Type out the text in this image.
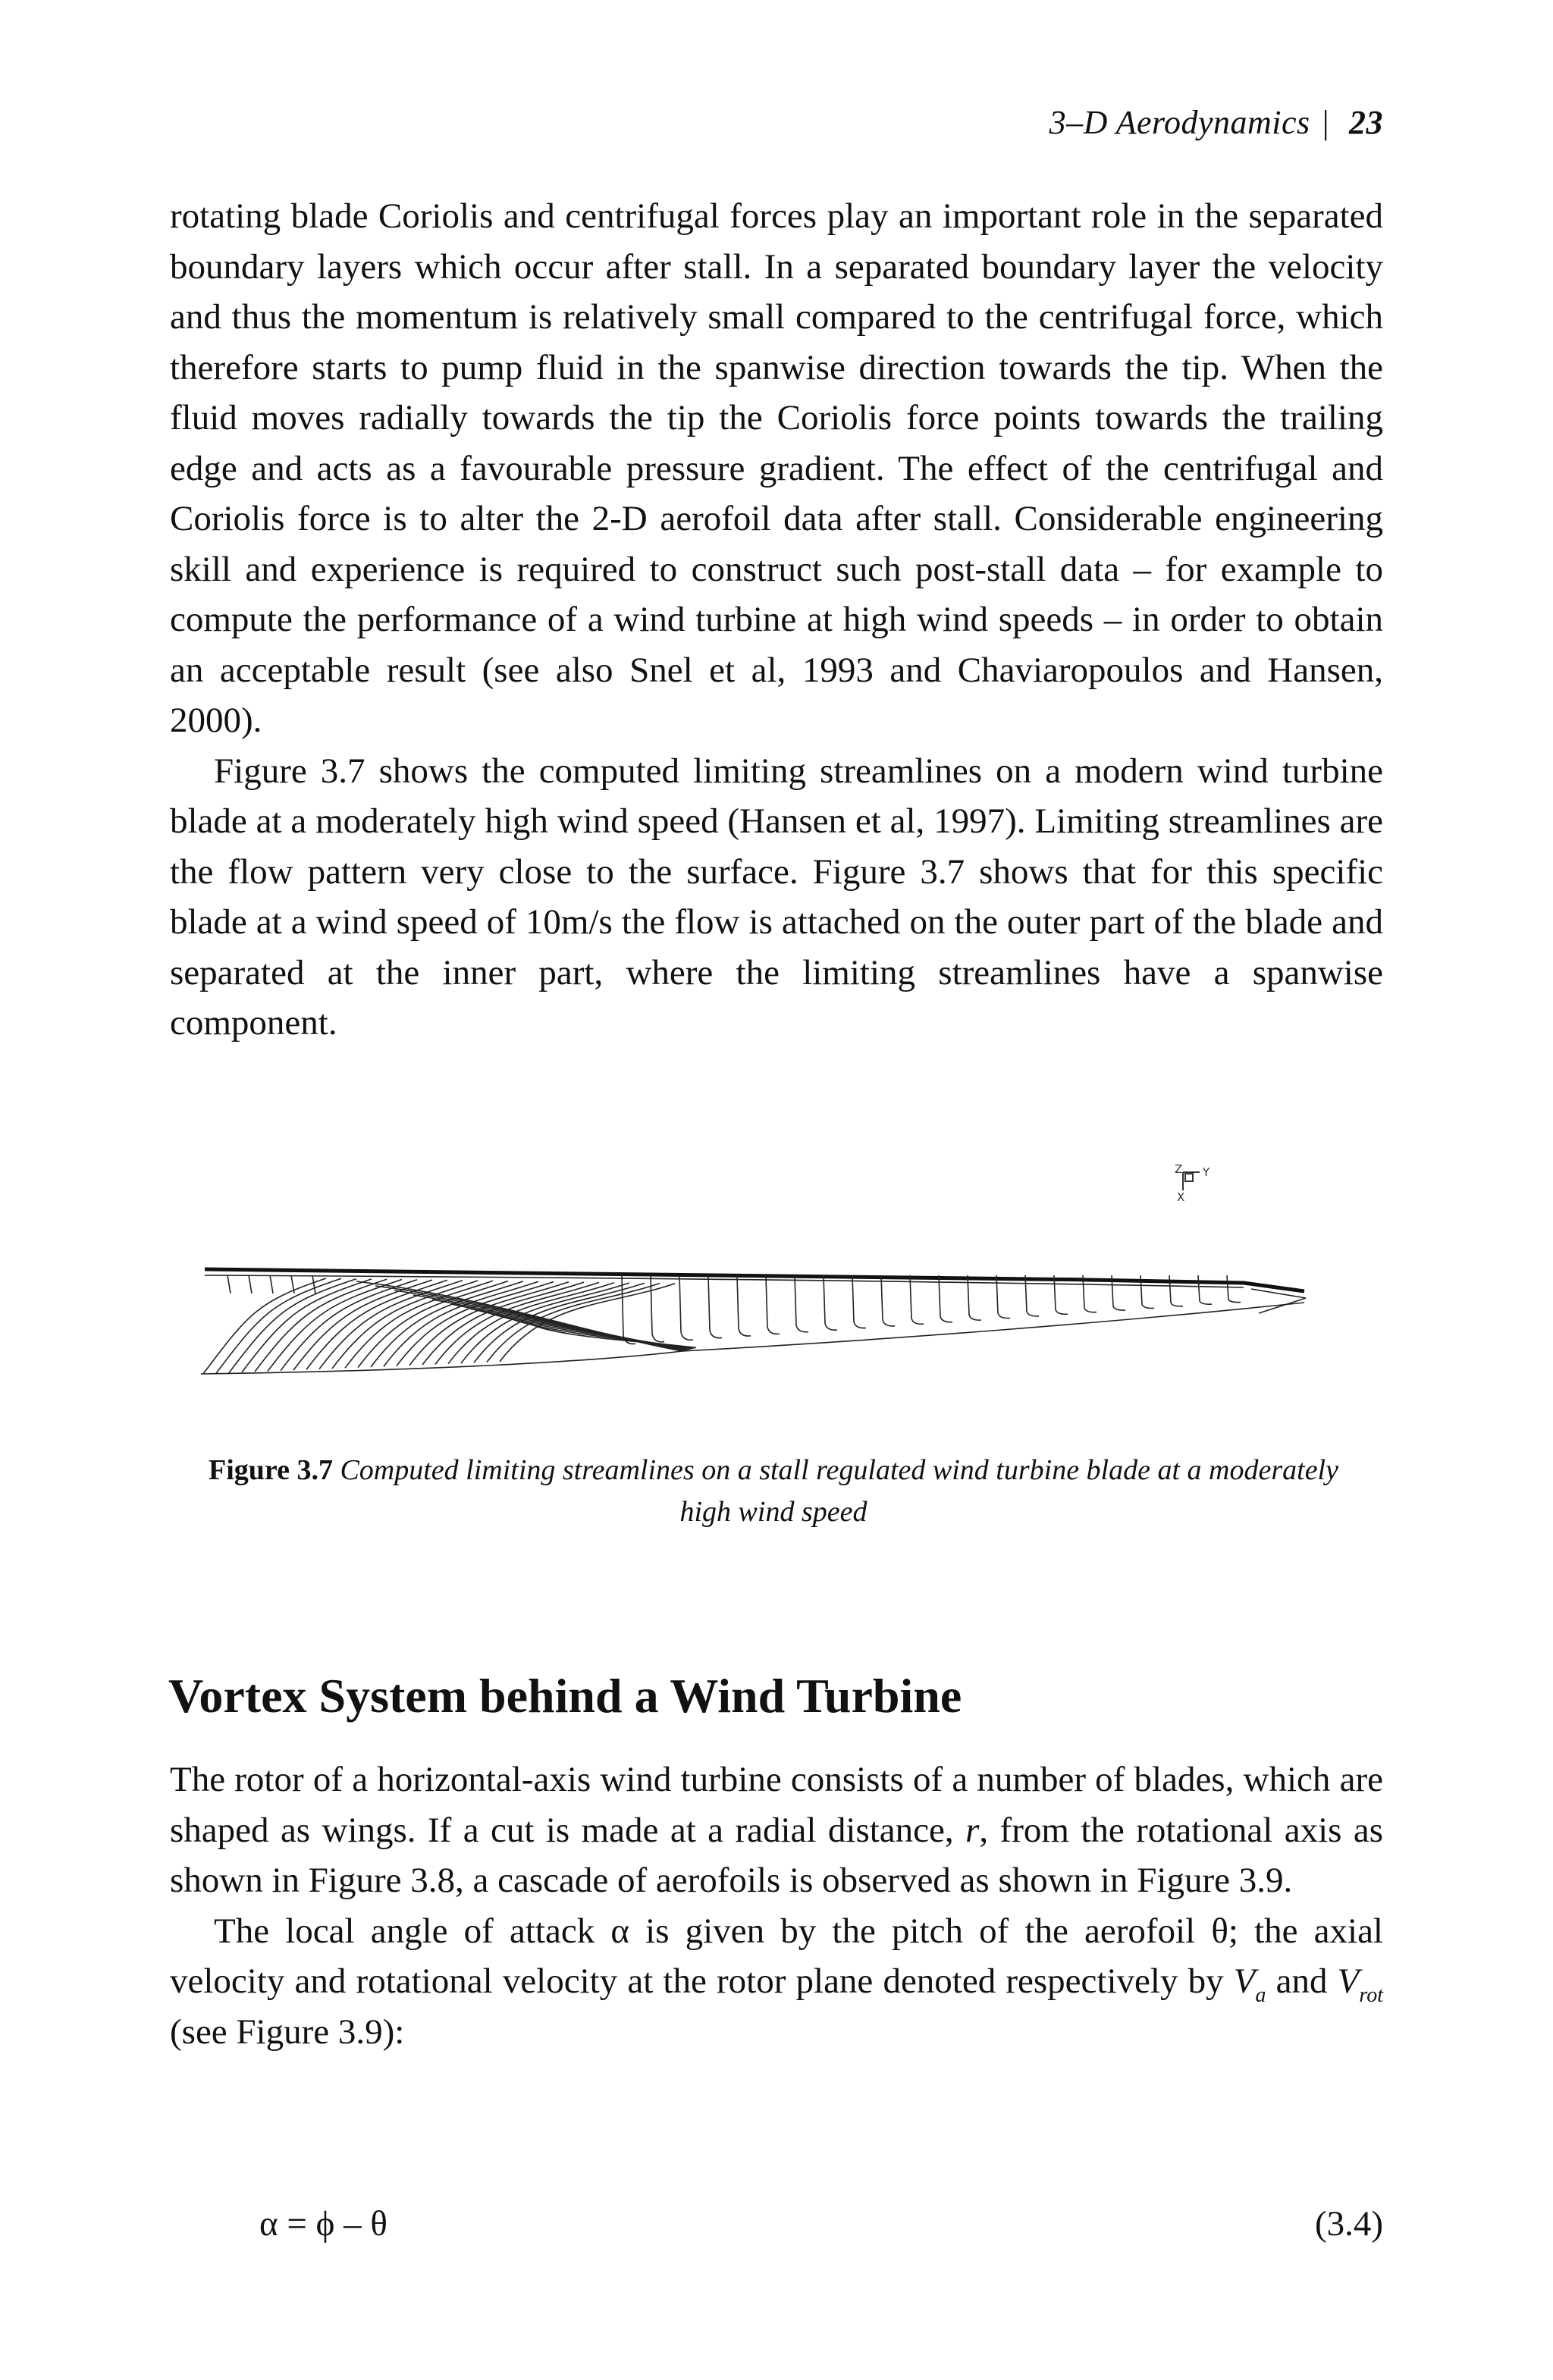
3–D Aerodynamics | 23

rotating blade Coriolis and centrifugal forces play an important role in the separated boundary layers which occur after stall. In a separated boundary layer the velocity and thus the momentum is relatively small compared to the centrifugal force, which therefore starts to pump fluid in the spanwise direction towards the tip. When the fluid moves radially towards the tip the Coriolis force points towards the trailing edge and acts as a favourable pressure gradient. The effect of the centrifugal and Coriolis force is to alter the 2-D aerofoil data after stall. Considerable engineering skill and experience is required to construct such post-stall data – for example to compute the performance of a wind turbine at high wind speeds – in order to obtain an acceptable result (see also Snel et al, 1993 and Chaviaropoulos and Hansen, 2000).

Figure 3.7 shows the computed limiting streamlines on a modern wind turbine blade at a moderately high wind speed (Hansen et al, 1997). Limiting streamlines are the flow pattern very close to the surface. Figure 3.7 shows that for this specific blade at a wind speed of 10m/s the flow is attached on the outer part of the blade and separated at the inner part, where the limiting streamlines have a spanwise component.

Z Y
X
Figure 3.7 Computed limiting streamlines on a stall regulated wind turbine blade at a moderately high wind speed
Vortex System behind a Wind Turbine

The rotor of a horizontal-axis wind turbine consists of a number of blades, which are shaped as wings. If a cut is made at a radial distance, r, from the rotational axis as shown in Figure 3.8, a cascade of aerofoils is observed as shown in Figure 3.9.

The local angle of attack α is given by the pitch of the aerofoil θ; the axial velocity and rotational velocity at the rotor plane denoted respectively by $V_a$ and $V_{rot}$ (see Figure 3.9):

α = ϕ – θ	(3.4)
